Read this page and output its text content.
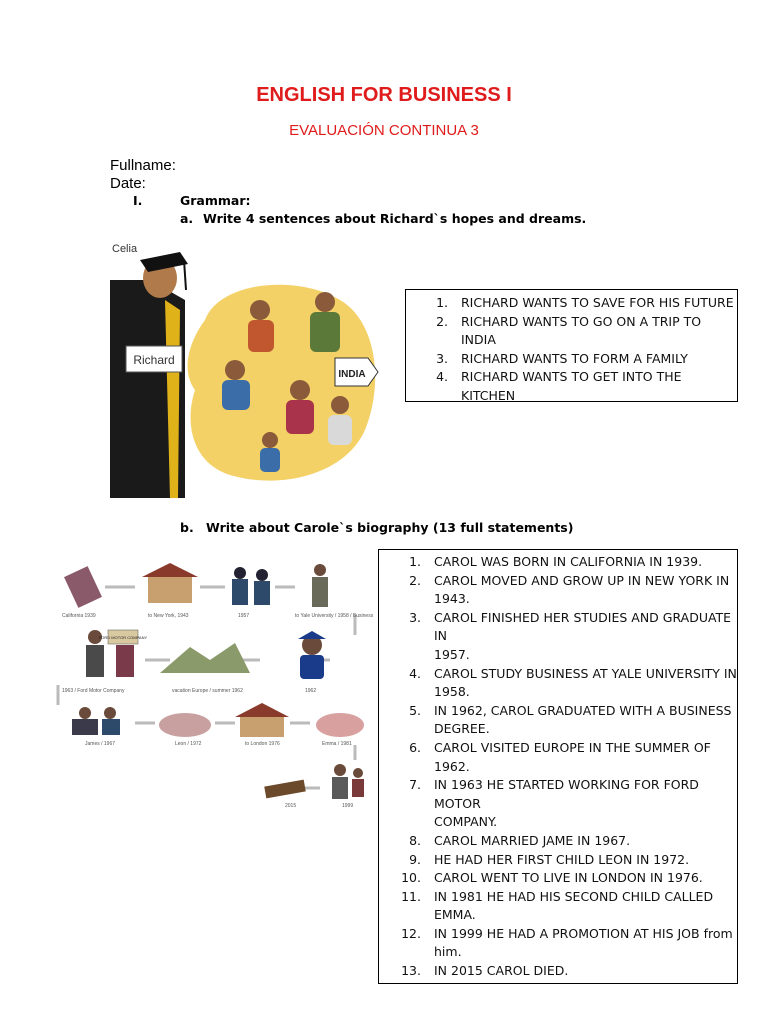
ENGLISH FOR BUSINESS I
EVALUACIÓN CONTINUA 3
Fullname:
Date:
I.	Grammar:
a. Write 4 sentences about Richard`s hopes and dreams.
Richard
Celia
INDIA
1. RICHARD WANTS TO SAVE FOR HIS FUTURE
2. RICHARD WANTS TO GO ON A TRIP TO INDIA
3. RICHARD WANTS TO FORM A FAMILY
4. RICHARD WANTS TO GET INTO THE KITCHEN
b. Write about Carole`s biography (13 full statements)
California 1939	to New York, 1943	1957	to Yale University / 1958 / Business
FORD MOTOR COMPANY
1963 / Ford Motor Company	vacation Europe / summer 1962	1962
James / 1967	Leon / 1972	to London 1976	Emma / 1981
2015	1999
1. CAROL WAS BORN IN CALIFORNIA IN 1939.
2. CAROL MOVED AND GROW UP IN NEW YORK IN
1943.
3. CAROL FINISHED HER STUDIES AND GRADUATE IN
1957.
4. CAROL STUDY BUSINESS AT YALE UNIVERSITY IN
1958.
5. IN 1962, CAROL GRADUATED WITH A BUSINESS
DEGREE.
6. CAROL VISITED EUROPE IN THE SUMMER OF 1962.
7. IN 1963 HE STARTED WORKING FOR FORD MOTOR
COMPANY.
8. CAROL MARRIED JAME IN 1967.
9. HE HAD HER FIRST CHILD LEON IN 1972.
10. CAROL WENT TO LIVE IN LONDON IN 1976.
11. IN 1981 HE HAD HIS SECOND CHILD CALLED
EMMA.
12. IN 1999 HE HAD A PROMOTION AT HIS JOB from
him.
13. IN 2015 CAROL DIED.
